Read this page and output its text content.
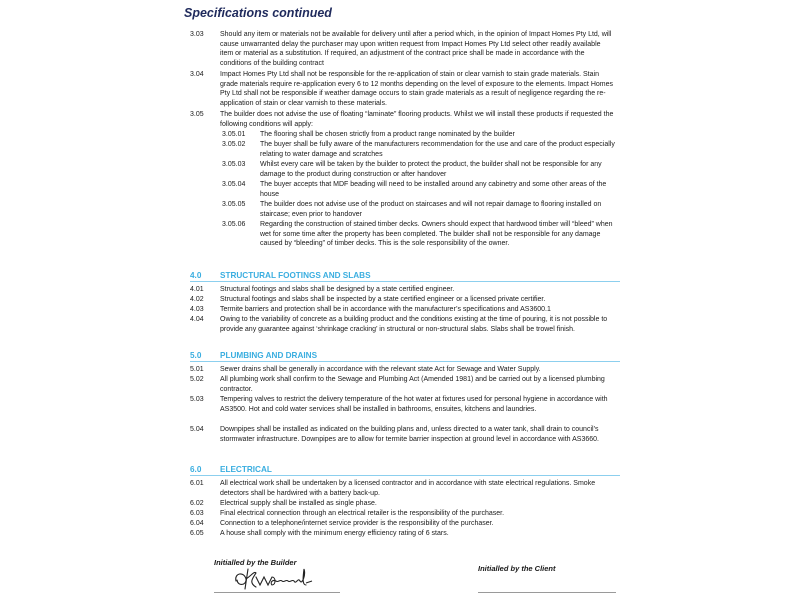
Specifications continued
3.03	Should any item or materials not be available for delivery until after a period which, in the opinion of Impact Homes Pty Ltd, will cause unwarranted delay the purchaser may upon written request from Impact Homes Pty Ltd select other readily available item or material as a substitution. If required, an adjustment of the contract price shall be made in accordance with the conditions of the building contract
3.04	Impact Homes Pty Ltd shall not be responsible for the re-application of stain or clear varnish to stain grade materials. Stain grade materials require re-application every 6 to 12 months depending on the level of exposure to the elements. Impact Homes Pty Ltd shall not be responsible if weather damage occurs to stain grade materials as a result of negligence regarding the re-application of stain or clear varnish to these materials.
3.05	The builder does not advise the use of floating “laminate” flooring products. Whilst we will install these products if requested the following conditions will apply:
3.05.01	The flooring shall be chosen strictly from a product range nominated by the builder
3.05.02	The buyer shall be fully aware of the manufacturers recommendation for the use and care of the product especially relating to water damage and scratches
3.05.03	Whilst every care will be taken by the builder to protect the product, the builder shall not be responsible for any damage to the product during construction or after handover
3.05.04	The buyer accepts that MDF beading will need to be installed around any cabinetry and some other areas of the house
3.05.05	The builder does not advise use of the product on staircases and will not repair damage to flooring installed on staircase; even prior to handover
3.05.06	Regarding the construction of stained timber decks. Owners should expect that hardwood timber will “bleed” when wet for some time after the property has been completed. The builder shall not be responsible for any damage caused by “bleeding” of timber decks. This is the sole responsibility of the owner.
4.0 STRUCTURAL FOOTINGS AND SLABS
4.01	Structural footings and slabs shall be designed by a state certified engineer.
4.02	Structural footings and slabs shall be inspected by a state certified engineer or a licensed private certifier.
4.03	Termite barriers and protection shall be in accordance with the manufacturer’s specifications and AS3600.1
4.04	Owing to the variability of concrete as a building product and the conditions existing at the time of pouring, it is not possible to provide any guarantee against ‘shrinkage cracking’ in structural or non-structural slabs. Slabs shall be trowel finish.
5.0 PLUMBING AND DRAINS
5.01	Sewer drains shall be generally in accordance with the relevant state Act for Sewage and Water Supply.
5.02	All plumbing work shall confirm to the Sewage and Plumbing Act (Amended 1981) and be carried out by a licensed plumbing contractor.
5.03	Tempering valves to restrict the delivery temperature of the hot water at fixtures used for personal hygiene in accordance with AS3500. Hot and cold water services shall be installed in bathrooms, ensuites, kitchens and laundries.
5.04	Downpipes shall be installed as indicated on the building plans and, unless directed to a water tank, shall drain to council’s stormwater infrastructure. Downpipes are to allow for termite barrier inspection at ground level in accordance with AS3660.
6.0 ELECTRICAL
6.01	All electrical work shall be undertaken by a licensed contractor and in accordance with state electrical regulations. Smoke detectors shall be hardwired with a battery back-up.
6.02	Electrical supply shall be installed as single phase.
6.03	Final electrical connection through an electrical retailer is the responsibility of the purchaser.
6.04	Connection to a telephone/internet service provider is the responsibility of the purchaser.
6.05	A house shall comply with the minimum energy efficiency rating of 6 stars.
Initialled by the Builder
Initialled by the Client
